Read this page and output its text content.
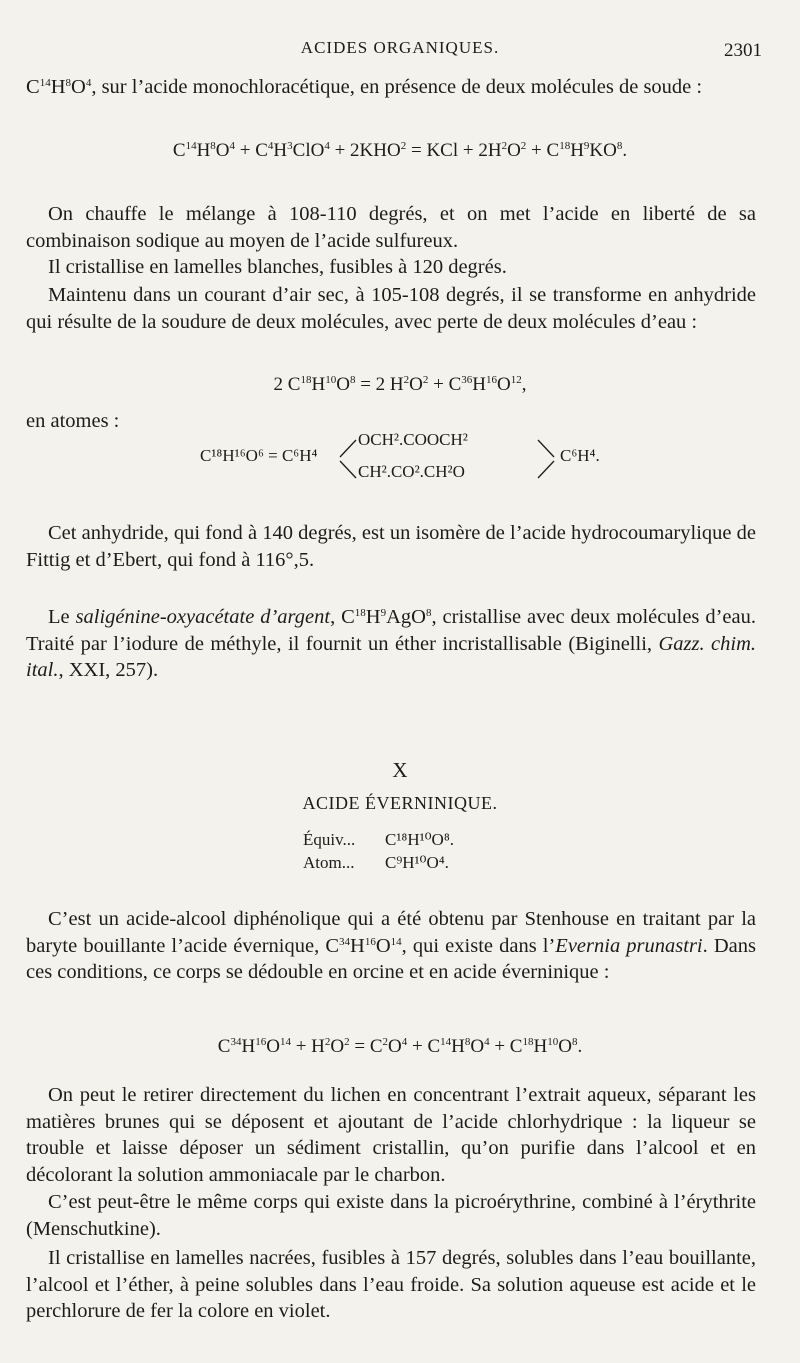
ACIDES ORGANIQUES.	2301
$C^{14}H^8O^4$, sur l’acide monochloracétique, en présence de deux molécules de soude :
$C^{14}H^8O^4 + C^4H^3ClO^4 + 2KHO^2$ = KCl + $2H^2O^2 + C^{18}H^9KO^8$.
On chauffe le mélange à 108-110 degrés, et on met l’acide en liberté de sa combinaison sodique au moyen de l’acide sulfureux.
Il cristallise en lamelles blanches, fusibles à 120 degrés.
Maintenu dans un courant d’air sec, à 105-108 degrés, il se transforme en anhydride qui résulte de la soudure de deux molécules, avec perte de deux molécules d’eau :
2 $C^{18}H^{10}O^8 = 2$ $H^2O^2 + C^{36}H^{16}O^{12}$,
en atomes :
C¹⁸H¹⁶O⁶ = C⁶H⁴
OCH².COOCH²
CH².CO².CH²O
C⁶H⁴.
Cet anhydride, qui fond à 140 degrés, est un isomère de l’acide hydrocoumarylique de Fittig et d’Ebert, qui fond à 116°,5.
Le saligénine-oxyacétate d’argent, $C^{18}H^9AgO^8$, cristallise avec deux molécules d’eau. Traité par l’iodure de méthyle, il fournit un éther incristallisable (Biginelli, Gazz. chim. ital., XXI, 257).
X
ACIDE ÉVERNINIQUE.
Équiv... C¹⁸H¹⁰O⁸.
Atom... C⁹H¹⁰O⁴.
C’est un acide-alcool diphénolique qui a été obtenu par Stenhouse en traitant par la baryte bouillante l’acide évernique, $C^{34}H^{16}O^{14}$, qui existe dans l’Evernia prunastri. Dans ces conditions, ce corps se dédouble en orcine et en acide éverninique :
$C^{34}H^{16}O^{14} + H^2O^2 = C^2O^4 + C^{14}H^8O^4 + C^{18}H^{10}O^8$.
On peut le retirer directement du lichen en concentrant l’extrait aqueux, séparant les matières brunes qui se déposent et ajoutant de l’acide chlorhydrique : la liqueur se trouble et laisse déposer un sédiment cristallin, qu’on purifie dans l’alcool et en décolorant la solution ammoniacale par le charbon.
C’est peut-être le même corps qui existe dans la picroérythrine, combiné à l’érythrite (Menschutkine).
Il cristallise en lamelles nacrées, fusibles à 157 degrés, solubles dans l’eau bouillante, l’alcool et l’éther, à peine solubles dans l’eau froide. Sa solution aqueuse est acide et le perchlorure de fer la colore en violet.
